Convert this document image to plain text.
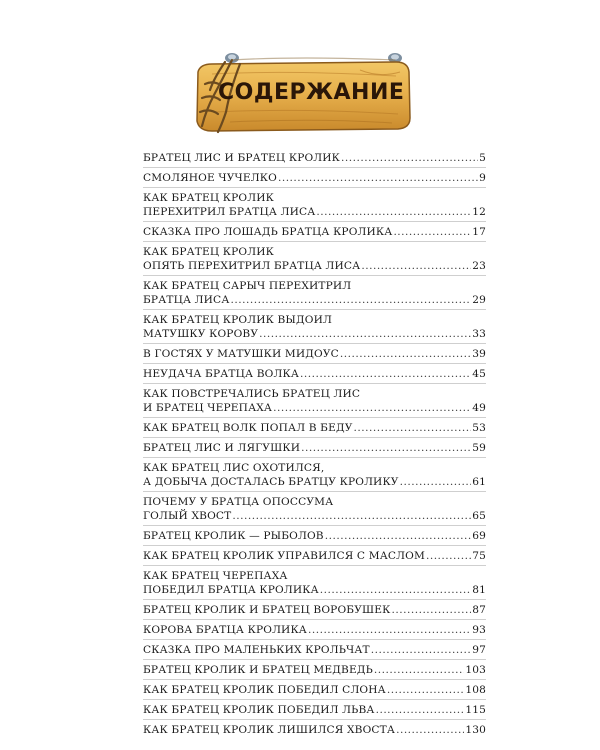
СОДЕРЖАНИЕ
БРАТЕЦ ЛИС И БРАТЕЦ КРОЛИК .....	5
СМОЛЯНОЕ ЧУЧЕЛКО .....	9
КАК БРАТЕЦ КРОЛИК
ПЕРЕХИТРИЛ БРАТЦА ЛИСА .....	12
СКАЗКА ПРО ЛОШАДЬ БРАТЦА КРОЛИКА .....	17
КАК БРАТЕЦ КРОЛИК
ОПЯТЬ ПЕРЕХИТРИЛ БРАТЦА ЛИСА .....	23
КАК БРАТЕЦ САРЫЧ ПЕРЕХИТРИЛ
БРАТЦА ЛИСА .....	29
КАК БРАТЕЦ КРОЛИК ВЫДОИЛ
МАТУШКУ КОРОВУ .....	33
В ГОСТЯХ У МАТУШКИ МИДОУС .....	39
НЕУДАЧА БРАТЦА ВОЛКА .....	45
КАК ПОВСТРЕЧАЛИСЬ БРАТЕЦ ЛИС
И БРАТЕЦ ЧЕРЕПАХА .....	49
КАК БРАТЕЦ ВОЛК ПОПАЛ В БЕДУ .....	53
БРАТЕЦ ЛИС И ЛЯГУШКИ .....	59
КАК БРАТЕЦ ЛИС ОХОТИЛСЯ,
А ДОБЫЧА ДОСТАЛАСЬ БРАТЦУ КРОЛИКУ .....	61
ПОЧЕМУ У БРАТЦА ОПОССУМА
ГОЛЫЙ ХВОСТ .....	65
БРАТЕЦ КРОЛИК — РЫБОЛОВ .....	69
КАК БРАТЕЦ КРОЛИК УПРАВИЛСЯ С МАСЛОМ .....	75
КАК БРАТЕЦ ЧЕРЕПАХА
ПОБЕДИЛ БРАТЦА КРОЛИКА .....	81
БРАТЕЦ КРОЛИК И БРАТЕЦ ВОРОБУШЕК .....	87
КОРОВА БРАТЦА КРОЛИКА .....	93
СКАЗКА ПРО МАЛЕНЬКИХ КРОЛЬЧАТ .....	97
БРАТЕЦ КРОЛИК И БРАТЕЦ МЕДВЕДЬ .....	103
КАК БРАТЕЦ КРОЛИК ПОБЕДИЛ СЛОНА .....	108
КАК БРАТЕЦ КРОЛИК ПОБЕДИЛ ЛЬВА .....	115
КАК БРАТЕЦ КРОЛИК ЛИШИЛСЯ ХВОСТА .....	130
